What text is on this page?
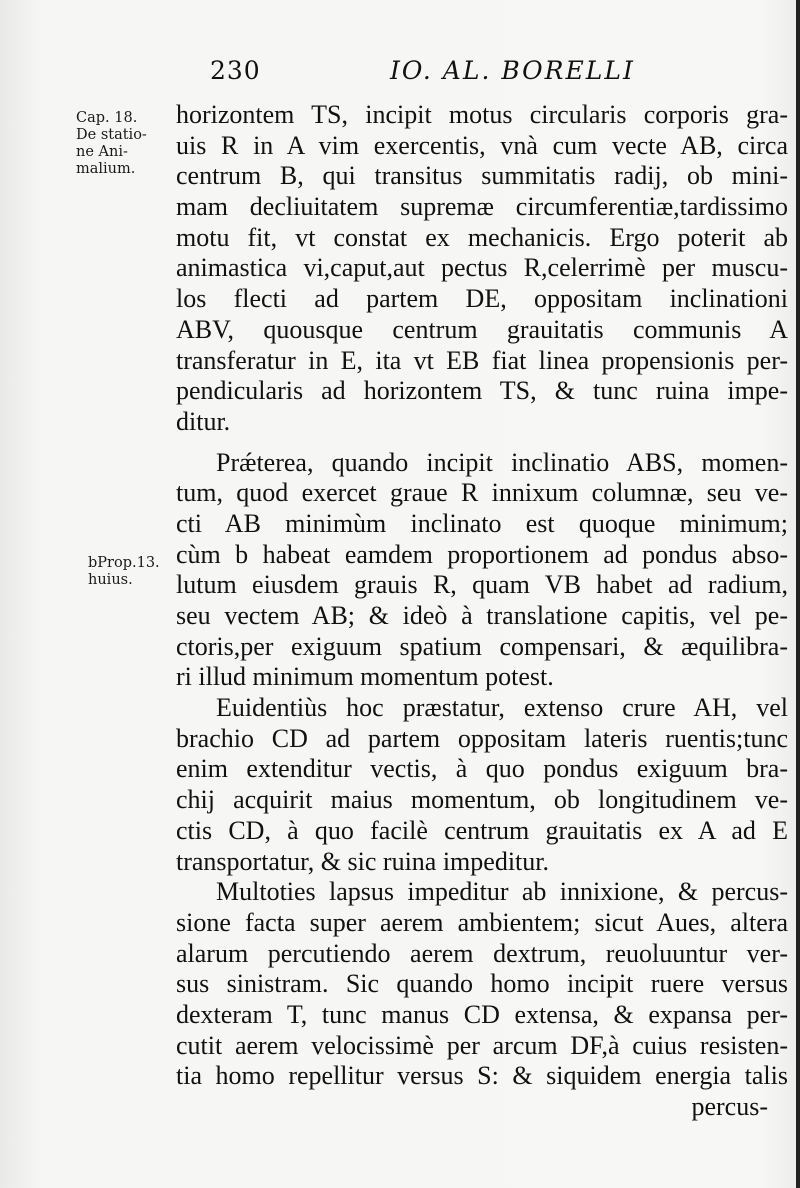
230	IO. AL. BORELLI
Cap. 18.
De statio-
ne Ani-
malium.
bProp.13.
huius.
horizontem TS, incipit motus circularis corporis gra-
uis R in A vim exercentis, vnà cum vecte AB, circa
centrum B, qui transitus summitatis radij, ob mini-
mam decliuitatem supremæ circumferentiæ,tardissimo
motu fit, vt constat ex mechanicis. Ergo poterit ab
animastica vi,caput,aut pectus R,celerrimè per muscu-
los flecti ad partem DE, oppositam inclinationi
ABV, quousque centrum grauitatis communis A
transferatur in E, ita vt EB fiat linea propensionis per-
pendicularis ad horizontem TS, & tunc ruina impe-
ditur.
Prǽterea, quando incipit inclinatio ABS, momen-
tum, quod exercet graue R innixum columnæ, seu ve-
cti AB minimùm inclinato est quoque minimum;
cùm b habeat eamdem proportionem ad pondus abso-
lutum eiusdem grauis R, quam VB habet ad radium,
seu vectem AB; & ideò à translatione capitis, vel pe-
ctoris,per exiguum spatium compensari, & æquilibra-
ri illud minimum momentum potest.
Euidentiùs hoc præstatur, extenso crure AH, vel
brachio CD ad partem oppositam lateris ruentis;tunc
enim extenditur vectis, à quo pondus exiguum bra-
chij acquirit maius momentum, ob longitudinem ve-
ctis CD, à quo facilè centrum grauitatis ex A ad E
transportatur, & sic ruina impeditur.
Multoties lapsus impeditur ab innixione, & percus-
sione facta super aerem ambientem; sicut Aues, altera
alarum percutiendo aerem dextrum, reuoluuntur ver-
sus sinistram. Sic quando homo incipit ruere versus
dexteram T, tunc manus CD extensa, & expansa per-
cutit aerem velocissimè per arcum DF,à cuius resisten-
tia homo repellitur versus S: & siquidem energia talis
percus-
